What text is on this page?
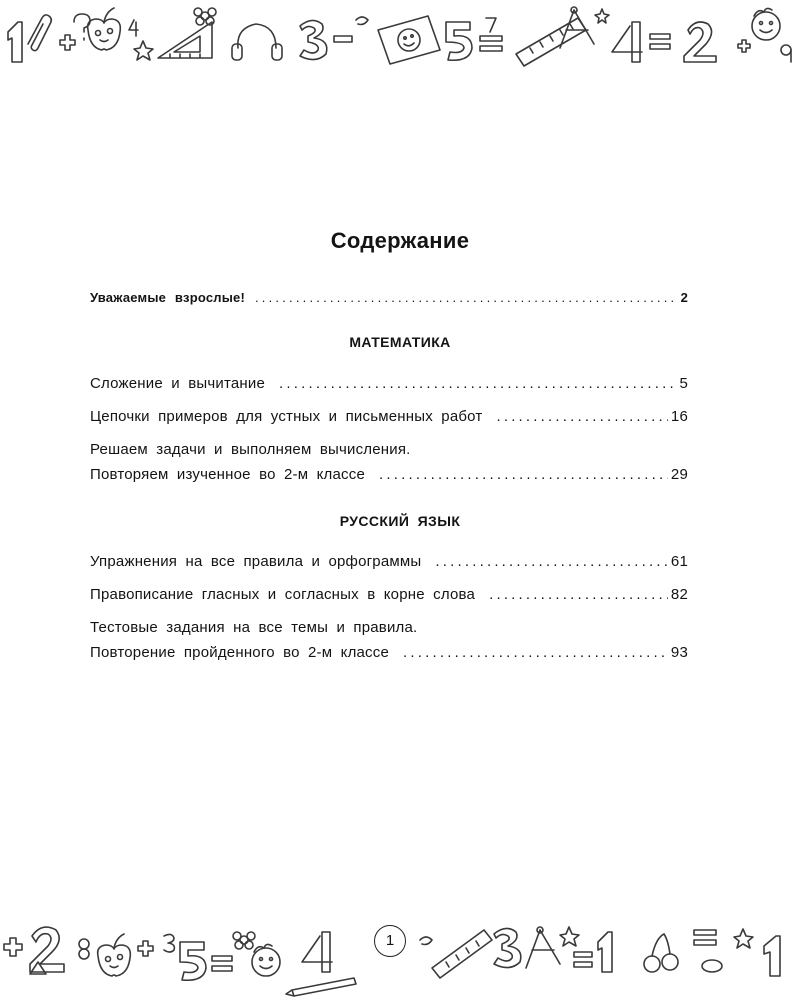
Содержание
Уважаемые взрослые! .....	2
МАТЕМАТИКА
Сложение и вычитание .....	5
Цепочки примеров для устных и письменных работ .....	16
Решаем задачи и выполняем вычисления.
Повторяем изученное во 2-м классе .....	29
РУССКИЙ ЯЗЫК
Упражнения на все правила и орфограммы .....	61
Правописание гласных и согласных в корне слова .....	82
Тестовые задания на все темы и правила.
Повторение пройденного во 2-м классе .....	93
1
